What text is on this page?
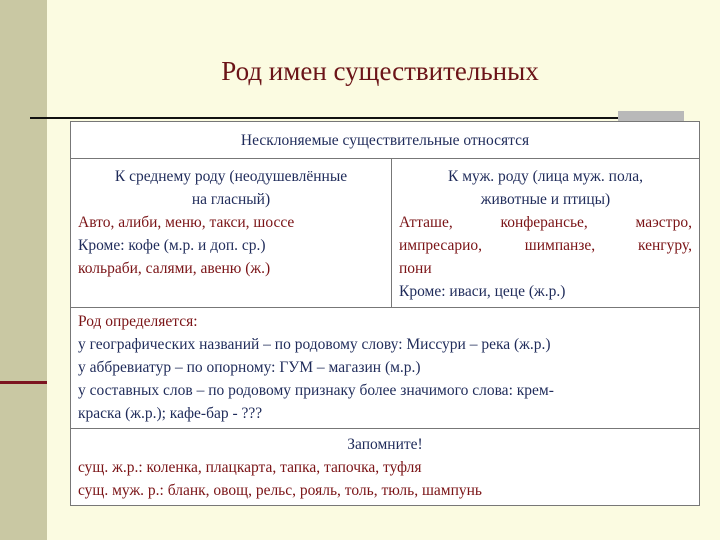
Род имен существительных
Несклоняемые существительные относятся

К среднему роду (неодушевлённые
на гласный)
Авто, алиби, меню, такси, шоссе
Кроме: кофе (м.р. и доп. ср.)
кольраби, салями, авеню (ж.)

К муж. роду (лица муж. пола,
животные и птицы)
Атташе, конферансье, маэстро,
импресарио, шимпанзе, кенгуру,
пони
Кроме: иваси, цеце (ж.р.)

Род определяется:
у географических названий – по родовому слову: Миссури – река (ж.р.)
у аббревиатур – по опорному: ГУМ – магазин (м.р.)
у составных слов – по родовому признаку более значимого слова: крем-
краска (ж.р.); кафе-бар - ???

Запомните!
сущ. ж.р.: коленка, плацкарта, тапка, тапочка, туфля
сущ. муж. р.: бланк, овощ, рельс, рояль, толь, тюль, шампунь
